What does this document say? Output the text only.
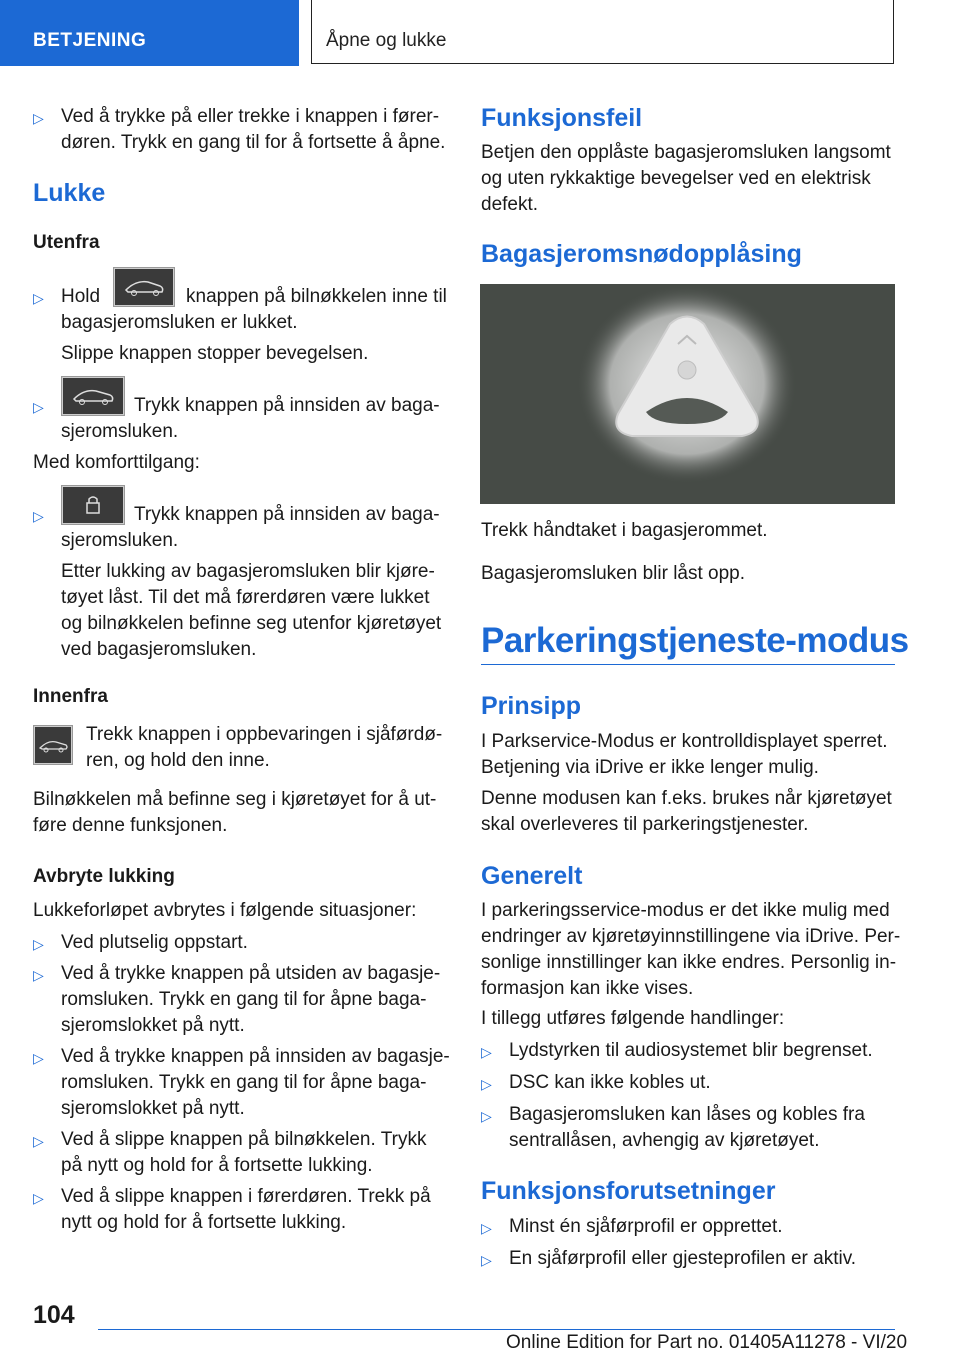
BETJENING	Åpne og lukke
▷ Ved å trykke på eller trekke i knappen i fører-
døren. Trykk en gang til for å fortsette å åpne.
Lukke
Utenfra
▷ Hold	knappen på bilnøkkelen inne til
bagasjeromsluken er lukket.
Slippe knappen stopper bevegelsen.
▷	Trykk knappen på innsiden av baga-
sjeromsluken.
Med komforttilgang:
▷	Trykk knappen på innsiden av baga-
sjeromsluken.
Etter lukking av bagasjeromsluken blir kjøre-
tøyet låst. Til det må førerdøren være lukket
og bilnøkkelen befinne seg utenfor kjøretøyet
ved bagasjeromsluken.
Innenfra
Trekk knappen i oppbevaringen i sjåførdø-
ren, og hold den inne.
Bilnøkkelen må befinne seg i kjøretøyet for å ut-
føre denne funksjonen.
Avbryte lukking
Lukkeforløpet avbrytes i følgende situasjoner:
▷ Ved plutselig oppstart.
▷ Ved å trykke knappen på utsiden av bagasje-
romsluken. Trykk en gang til for åpne baga-
sjeromslokket på nytt.
▷ Ved å trykke knappen på innsiden av bagasje-
romsluken. Trykk en gang til for åpne baga-
sjeromslokket på nytt.
▷ Ved å slippe knappen på bilnøkkelen. Trykk
på nytt og hold for å fortsette lukking.
▷ Ved å slippe knappen i førerdøren. Trekk på
nytt og hold for å fortsette lukking.
Funksjonsfeil
Betjen den opplåste bagasjeromsluken langsomt
og uten rykkaktige bevegelser ved en elektrisk
defekt.
Bagasjeromsnødopplåsing
Trekk håndtaket i bagasjerommet.
Bagasjeromsluken blir låst opp.
Parkeringstjeneste-modus
Prinsipp
I Parkservice-Modus er kontrolldisplayet sperret.
Betjening via iDrive er ikke lenger mulig.
Denne modusen kan f.eks. brukes når kjøretøyet
skal overleveres til parkeringstjenester.
Generelt
I parkeringsservice-modus er det ikke mulig med
endringer av kjøretøyinnstillingene via iDrive. Per-
sonlige innstillinger kan ikke endres. Personlig in-
formasjon kan ikke vises.
I tillegg utføres følgende handlinger:
▷ Lydstyrken til audiosystemet blir begrenset.
▷ DSC kan ikke kobles ut.
▷ Bagasjeromsluken kan låses og kobles fra
sentrallåsen, avhengig av kjøretøyet.
Funksjonsforutsetninger
▷ Minst én sjåførprofil er opprettet.
▷ En sjåførprofil eller gjesteprofilen er aktiv.
104
Online Edition for Part no. 01405A11278 - VI/20
